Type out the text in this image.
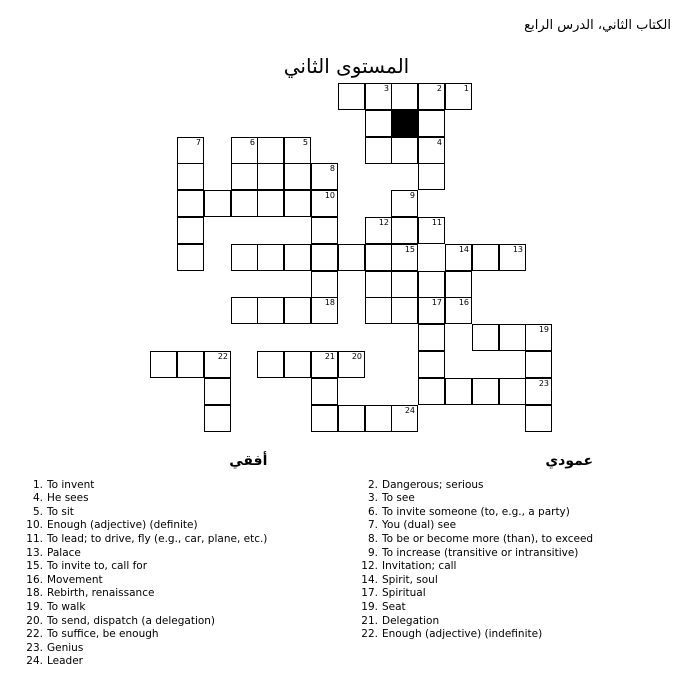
الكتاب الثاني، الدرس الرابع
المستوى الثاني
3	2	1
7	6	5	4
8
10	9
12	11
15	14	13
18	17 16
19
22	21 20
23
24
أفقي
1. To invent
4. He sees
5. To sit
10. Enough (adjective) (definite)
11. To lead; to drive, fly (e.g., car, plane, etc.)
13. Palace
15. To invite to, call for
16. Movement
18. Rebirth, renaissance
19. To walk
20. To send, dispatch (a delegation)
22. To suffice, be enough
23. Genius
24. Leader
عمودي
2. Dangerous; serious
3. To see
6. To invite someone (to, e.g., a party)
7. You (dual) see
8. To be or become more (than), to exceed
9. To increase (transitive or intransitive)
12. Invitation; call
14. Spirit, soul
17. Spiritual
19. Seat
21. Delegation
22. Enough (adjective) (indefinite)
